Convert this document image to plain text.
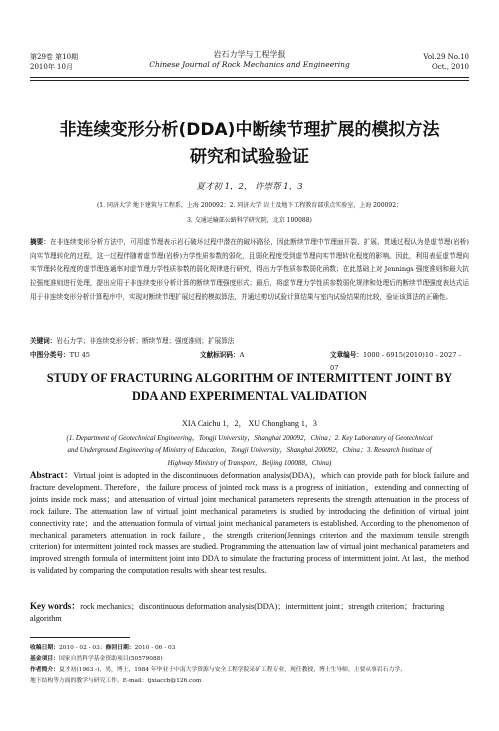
第29卷 第10期
2010年 10月
岩石力学与工程学报
Chinese Journal of Rock Mechanics and Engineering
Vol.29 No.10
Oct., 2010
非连续变形分析(DDA)中断续节理扩展的模拟方法
研究和试验验证
夏才初 1，2， 许崇帮 1，3
(1. 同济大学 地下建筑与工程系，上海 200092；2. 同济大学 岩土及地下工程教育部重点实验室，上海 200092；
3. 交通运输部公路科学研究院，北京 100088)
摘要：在非连续变形分析方法中，可用虚节理表示岩石破坏过程中潜在的破坏路径，因此断续节理中节理面开裂、扩展、贯通过程认为是虚节理(岩桥)向实节理转化的过程，这一过程伴随着虚节理(岩桥)力学性质参数的弱化，且弱化程度受到虚节理向实节理转化程度的影响。因此，利用表征虚节理向实节理转化程度的虚节理连通率对虚节理力学性质参数的弱化规律进行研究，得出力学性质参数弱化函数；在此基础上对 Jennings 强度准则和最大抗拉强度准则进行处理，提出应用于非连续变形分析计算的断续节理强度形式；最后，将虚节理力学性质参数弱化规律和处理后的断续节理强度表达式运用于非连续变形分析计算程序中，实现对断续节理扩展过程的模拟算法，并通过剪切试验计算结果与室内试验结果的比较，验证该算法的正确性。
关键词：岩石力学；非连续变形分析；断续节理；强度准则；扩展算法
中图分类号：TU 45	文献标识码：A	文章编号：1000 - 6915(2010)10 - 2027 - 07
STUDY OF FRACTURING ALGORITHM OF INTERMITTENT JOINT BY
DDA AND EXPERIMENTAL VALIDATION
XIA Caichu 1，2， XU Chongbang 1，3
(1. Department of Geotechnical Engineering，Tongji University，Shanghai 200092，China；2. Key Laboratory of Geotechnical
and Underground Engineering of Ministry of Education，Tongji University，Shanghai 200092，China；3. Research Institute of
Highway Ministry of Transport，Beijing 100088，China)
Abstract：Virtual joint is adopted in the discontinuous deformation analysis(DDA)，which can provide path for block failure and fracture development. Therefore，the failure process of jointed rock mass is a progress of initiation，extending and connecting of joints inside rock mass；and attenuation of virtual joint mechanical parameters represents the strength attenuation in the process of rock failure. The attenuation law of virtual joint mechanical parameters is studied by introducing the definition of virtual joint connectivity rate；and the attenuation formula of virtual joint mechanical parameters is established. According to the phenomenon of mechanical parameters attenuation in rock failure，the strength criterion(Jennings criterion and the maximum tensile strength criterion) for intermittent jointed rock masses are studied. Programming the attenuation law of virtual joint mechanical parameters and improved strength formula of intermittent joint into DDA to simulate the fracturing process of intermittent joint. At last，the method is validated by comparing the computation results with shear test results.
Key words：rock mechanics；discontinuous deformation analysis(DDA)；intermittent joint；strength criterion；fracturing algorithm
收稿日期：2010 - 02 - 03；修回日期：2010 - 06 - 03
基金项目：国家自然科学基金资助项目(50579088)
作者简介：夏才初(1963 -)，男，博士，1984 年毕业于中南大学资源与安全工程学院采矿工程专业，现任教授、博士生导师，主要从事岩石力学、
地下结构等方面的教学与研究工作。E-mail：tjxiaccb@126.com
